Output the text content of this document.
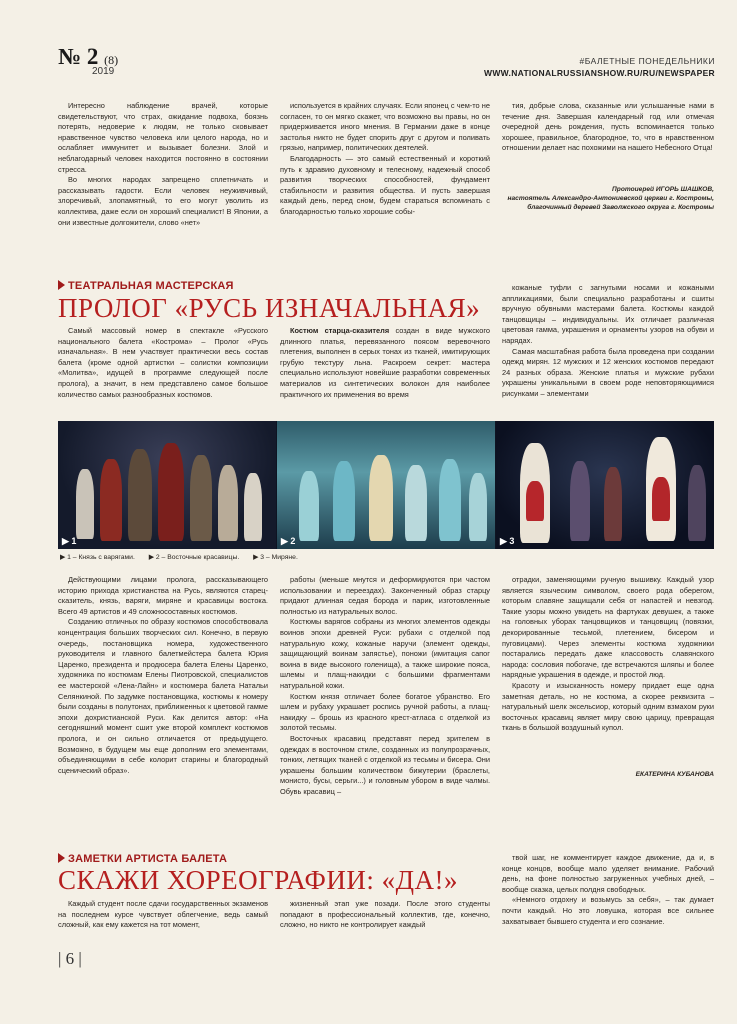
№ 2 (8)
2019
#БАЛЕТНЫЕ ПОНЕДЕЛЬНИКИ
WWW.NATIONALRUSSIANSHOW.RU/RU/NEWSPAPER

Интересно наблюдение врачей, которые свидетельствуют, что страх, ожидание подвоха, боязнь потерять, недоверие к людям, не только сковывает нравственное чувство человека или целого народа, но и ослабляет иммунитет и вызывает болезни. Злой и неблагодарный человек находится постоянно в состоянии стресса.

Во многих народах запрещено сплетничать и рассказывать гадости. Если человек неуживчивый, злоречивый, злопамятный, то его могут уволить из коллектива, даже если он хороший специалист! В Японии, а они известные долгожители, слово «нет»

используется в крайних случаях. Если японец с чем-то не согласен, то он мягко скажет, что возможно вы правы, но он придерживается иного мнения. В Германии даже в конце застолья никто не будет спорить друг с другом и поливать грязью, например, политических деятелей.

Благодарность — это самый естественный и короткий путь к здравию духовному и телесному, надежный способ развития творческих способностей, фундамент стабильности и развития общества. И пусть завершая каждый день, перед сном, будем стараться вспоминать с благодарностью только хорошие собы-

тия, добрые слова, сказанные или услышанные нами в течение дня. Завершая календарный год или отмечая очередной день рождения, пусть вспоминается только хорошее, правильное, благородное, то, что в нравственном отношении делает нас похожими на нашего Небесного Отца!

Протоиерей ИГОРЬ ШАШКОВ,
настоятель Александро-Антониевской церкви г. Костромы,
благочинный деревей Заволжского округа г. Костромы
ТЕАТРАЛЬНАЯ МАСТЕРСКАЯ
ПРОЛОГ «РУСЬ ИЗНАЧАЛЬНАЯ»

Самый массовый номер в спектакле «Русского национального балета «Кострома» – Пролог «Русь изначальная». В нем участвует практически весь состав балета (кроме одной артистки – солистки композиции «Молитва», идущей в программе следующей после пролога), а значит, в нем представлено самое большое количество самых разнообразных костюмов.

Костюм старца-сказителя создан в виде мужского длинного платья, перевязанного поясом веревочного плетения, выполнен в серых тонах из тканей, имитирующих грубую текстуру льна. Раскроем секрет: мастера специально используют новейшие разработки современных материалов из синтетических волокон для наиболее практичного их применения во время

кожаные туфли с загнутыми носами и кожаными аппликациями, были специально разработаны и сшиты вручную обувными мастерами балета. Костюмы каждой танцовщицы – индивидуальны. Их отличает различная цветовая гамма, украшения и орнаменты узоров на обуви и нарядах.

Самая масштабная работа была проведена при создании одежд мирян. 12 мужских и 12 женских костюмов передают 24 разных образа. Женские платья и мужские рубахи украшены уникальными в своем роде неповторяющимися рисунками – элементами

▶ 1	▶ 2	▶ 3
▶ 1 – Князь с варягами. ▶ 2 – Восточные красавицы. ▶ 3 – Миряне.

Действующими лицами пролога, рассказывающего историю прихода христианства на Русь, являются старец-сказитель, князь, варяги, миряне и красавицы востока. Всего 49 артистов и 49 сложносоставных костюмов.

Созданию отличных по образу костюмов способствовала концентрация больших творческих сил. Конечно, в первую очередь, постановщика номера, художественного руководителя и главного балетмейстера балета Юрия Царенко, президента и продюсера балета Елены Царенко, художника по костюмам Елены Пиотровской, специалистов ее мастерской «Лена-Лайн» и костюмера балета Натальи Селянкиной. По задумке постановщика, костюмы к номеру были созданы в полутонах, приближенных к цветовой гамме эпохи дохристианской Руси. Как делится автор: «На сегодняшний момент сшит уже второй комплект костюмов пролога, и он сильно отличается от предыдущего. Возможно, в будущем мы еще дополним его элементами, объединяющими в себе колорит старины и благородный сценический образ».

работы (меньше мнутся и деформируются при частом использовании и переездах). Законченный образ старцу придают длинная седая борода и парик, изготовленные полностью из натуральных волос.

Костюмы варягов собраны из многих элементов одежды воинов эпохи древней Руси: рубахи с отделкой под натуральную кожу, кожаные наручи (элемент одежды, защищающий воинам запястье), поножи (имитация сапог воина в виде высокого голенища), а также широкие пояса, шлемы и плащ-накидки с большими фрагментами натуральной кожи.

Костюм князя отличает более богатое убранство. Его шлем и рубаху украшает роспись ручной работы, а плащ-накидку – брошь из красного крест-атласа с отделкой из золотой тесьмы.

Восточных красавиц представят перед зрителем в одеждах в восточном стиле, созданных из полупрозрачных, тонких, летящих тканей с отделкой из тесьмы и бисера. Они украшены большим количеством бижутерии (браслеты, монисто, бусы, серьги...) и головным убором в виде чалмы. Обувь красавиц –

отрадки, заменяющими ручную вышивку. Каждый узор является языческим символом, своего рода оберегом, которым славяне защищали себя от напастей и невзгод. Такие узоры можно увидеть на фартуках девушек, а также на головных уборах танцовщиков и танцовщиц (повязки, декорированные тесьмой, плетением, бисером и пуговицами). Через элементы костюма художники постарались передать даже классовость славянского народа: сословия побогаче, где встречаются шляпы и более нарядные украшения в одежде, и простой люд.

Красоту и изысканность номеру придает еще одна заметная деталь, но не костюма, а скорее реквизита – натуральный шелк эксельсиор, который одним взмахом руки восточных красавиц являет миру свою царицу, превращая ткань в большой воздушный купол.

ЕКАТЕРИНА КУБАНОВА
ЗАМЕТКИ АРТИСТА БАЛЕТА
СКАЖИ ХОРЕОГРАФИИ: «ДА!»

Каждый студент после сдачи государственных экзаменов на последнем курсе чувствует облегчение, ведь самый сложный, как ему кажется на тот момент,

жизненный этап уже позади. После этого студенты попадают в профессиональный коллектив, где, конечно, сложно, но никто не контролирует каждый

твой шаг, не комментирует каждое движение, да и, в конце концов, вообще мало уделяет внимание. Рабочий день, на фоне полностью загруженных учебных дней, – вообще сказка, целых полдня свободных.

«Немного отдохну и возьмусь за себя», – так думает почти каждый. Но это ловушка, которая все сильнее захватывает бывшего студента и его сознание.

| 6 |
